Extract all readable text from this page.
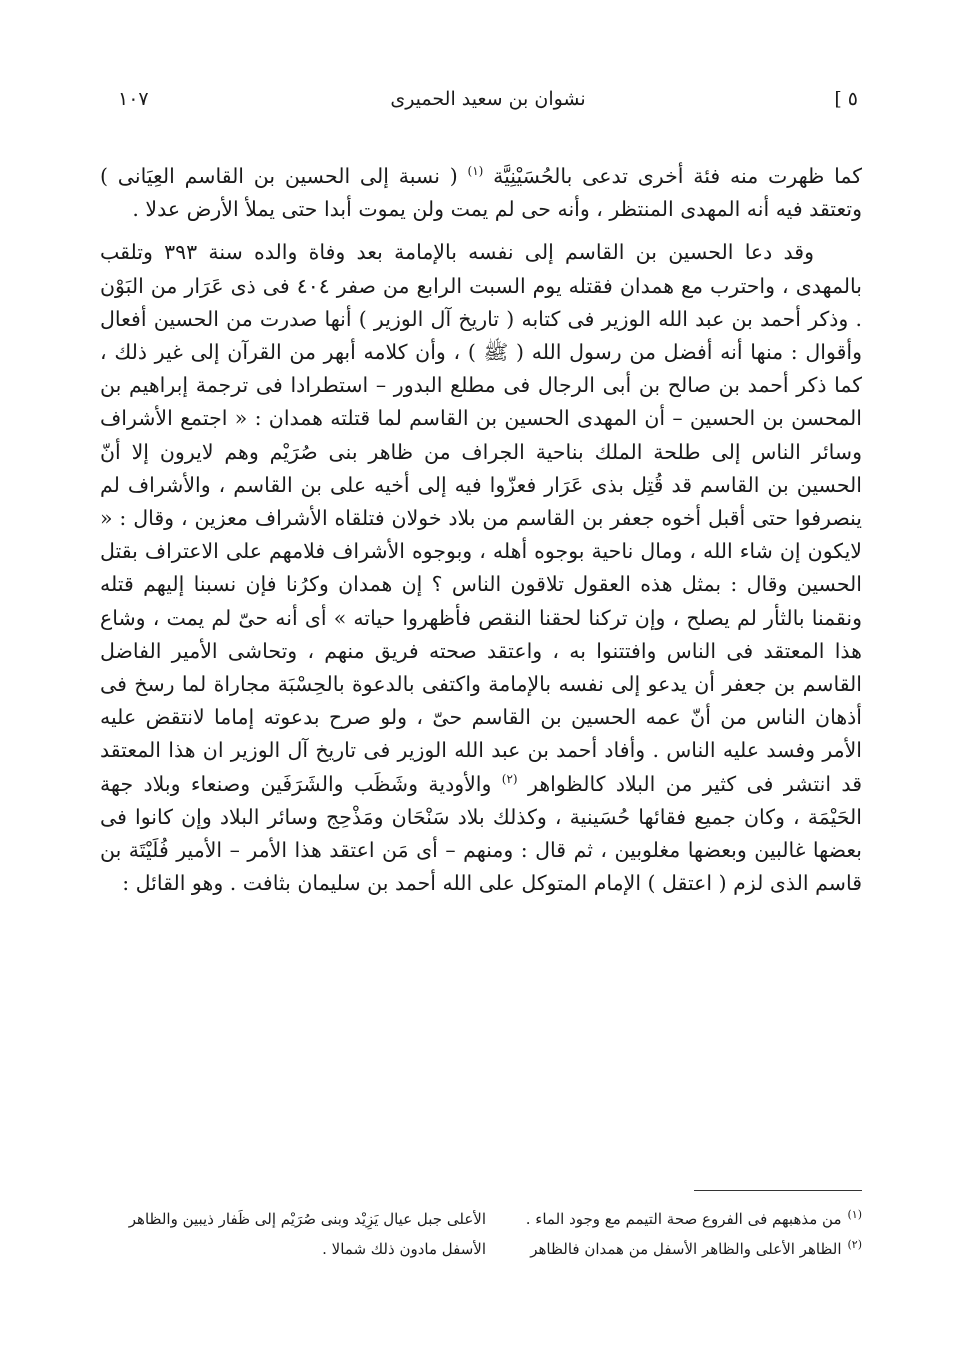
٥ ]
نشوان بن سعيد الحميرى
١٠٧

كما ظهرت منه فئة أخرى تدعى بالحُسَيْنِيَّة $^{(١)}$ ( نسبة إلى الحسين بن القاسم العِيَانى ) وتعتقد فيه أنه المهدى المنتظر ، وأنه حى لم يمت ولن يموت أبدا حتى يملأ الأرض عدلا .

وقد دعا الحسين بن القاسم إلى نفسه بالإمامة بعد وفاة والده سنة ٣٩٣ وتلقب بالمهدى ، واحترب مع همدان فقتله يوم السبت الرابع من صفر ٤٠٤ فى ذى عَرَار من البَوْن . وذكر أحمد بن عبد الله الوزير فى كتابه ( تاريخ آل الوزير ) أنها صدرت من الحسين أفعال وأقوال : منها أنه أفضل من رسول الله ( ﷺ ) ، وأن كلامه أبهر من القرآن إلى غير ذلك ، كما ذكر أحمد بن صالح بن أبى الرجال فى مطلع البدور – استطرادا فى ترجمة إبراهيم بن المحسن بن الحسين – أن المهدى الحسين بن القاسم لما قتلته همدان : « اجتمع الأشراف وسائر الناس إلى طلحة الملك بناحية الجراف من ظاهر بنى صُرَيْم وهم لايرون إلا أنّ الحسين بن القاسم قد قُتِل بذى عَرَار فعزّوا فيه إلى أخيه على بن القاسم ، والأشراف لم ينصرفوا حتى أقبل أخوه جعفر بن القاسم من بلاد خولان فتلقاه الأشراف معزين ، وقال : « لايكون إن شاء الله ، ومال ناحية بوجوه أهله ، وبوجوه الأشراف فلامهم على الاعتراف بقتل الحسين وقال : بمثل هذه العقول تلاقون الناس ؟ إن همدان وكرُنا فإن نسبنا إليهم قتله ونقمنا بالثأر لم يصلح ، وإن تركنا لحقنا النقص فأظهروا حياته » أى أنه حىّ لم يمت ، وشاع هذا المعتقد فى الناس وافتتنوا به ، واعتقد صحته فريق منهم ، وتحاشى الأمير الفاضل القاسم بن جعفر أن يدعو إلى نفسه بالإمامة واكتفى بالدعوة بالحِسْبَة مجاراة لما رسخ فى أذهان الناس من أنّ عمه الحسين بن القاسم حىّ ، ولو صرح بدعوته إماما لانتقض عليه الأمر وفسد عليه الناس . وأفاد أحمد بن عبد الله الوزير فى تاريخ آل الوزير ان هذا المعتقد قد انتشر فى كثير من البلاد كالظواهر $^{(٢)}$ والأودية وشَظَب والشَرَفَين وصنعاء وبلاد جهة الحَيْمَة ، وكان جميع فقائها حُسَينية ، وكذلك بلاد سَنْحَان ومَذْحِج وسائر البلاد وإن كانوا فى بعضها غالبين وبعضها مغلوبين ، ثم قال : ومنهم – أى مَن اعتقد هذا الأمر – الأمير فُلَيْتَة بن قاسم الذى لزم ( اعتقل ) الإمام المتوكل على الله أحمد بن سليمان بثافت . وهو القائل :

$^{(١)}$من مذهبهم فى الفروع صحة التيمم مع وجود الماء .
$^{(٢)}$الظاهر الأعلى والظاهر الأسفل من همدان فالظاهر
الأعلى جبل عيال يَزِيْد وبنى صُرَيْم إلى ظَفار ذيبين والظاهر
الأسفل مادون ذلك شمالا .
